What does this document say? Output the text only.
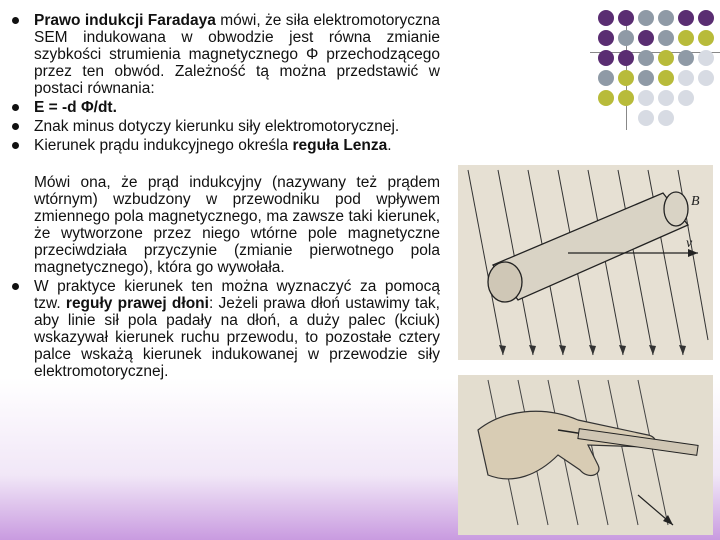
Prawo indukcji Faradaya mówi, że siła elektromotoryczna SEM indukowana w obwodzie jest równa zmianie szybkości strumienia magnetycznego Φ przechodzącego przez ten obwód. Zależność tą można przedstawić w postaci równania:
E = -d Φ/dt.
Znak minus dotyczy kierunku siły elektromotorycznej.
Kierunek prądu indukcyjnego określa reguła Lenza.
Mówi ona, że prąd indukcyjny (nazywany też prądem wtórnym) wzbudzony w przewodniku pod wpływem zmiennego pola magnetycznego, ma zawsze taki kierunek, że wytworzone przez niego wtórne pole magnetyczne przeciwdziała przyczynie (zmianie pierwotnego pola magnetycznego), która go wywołała.
W praktyce kierunek ten można wyznaczyć za pomocą tzw. reguły prawej dłoni: Jeżeli prawa dłoń ustawimy tak, aby linie sił pola padały na dłoń, a duży palec (kciuk) wskazywał kierunek ruchu przewodu, to pozostałe cztery palce wskażą kierunek indukowanej w przewodzie siły elektromotorycznej.
v
B
